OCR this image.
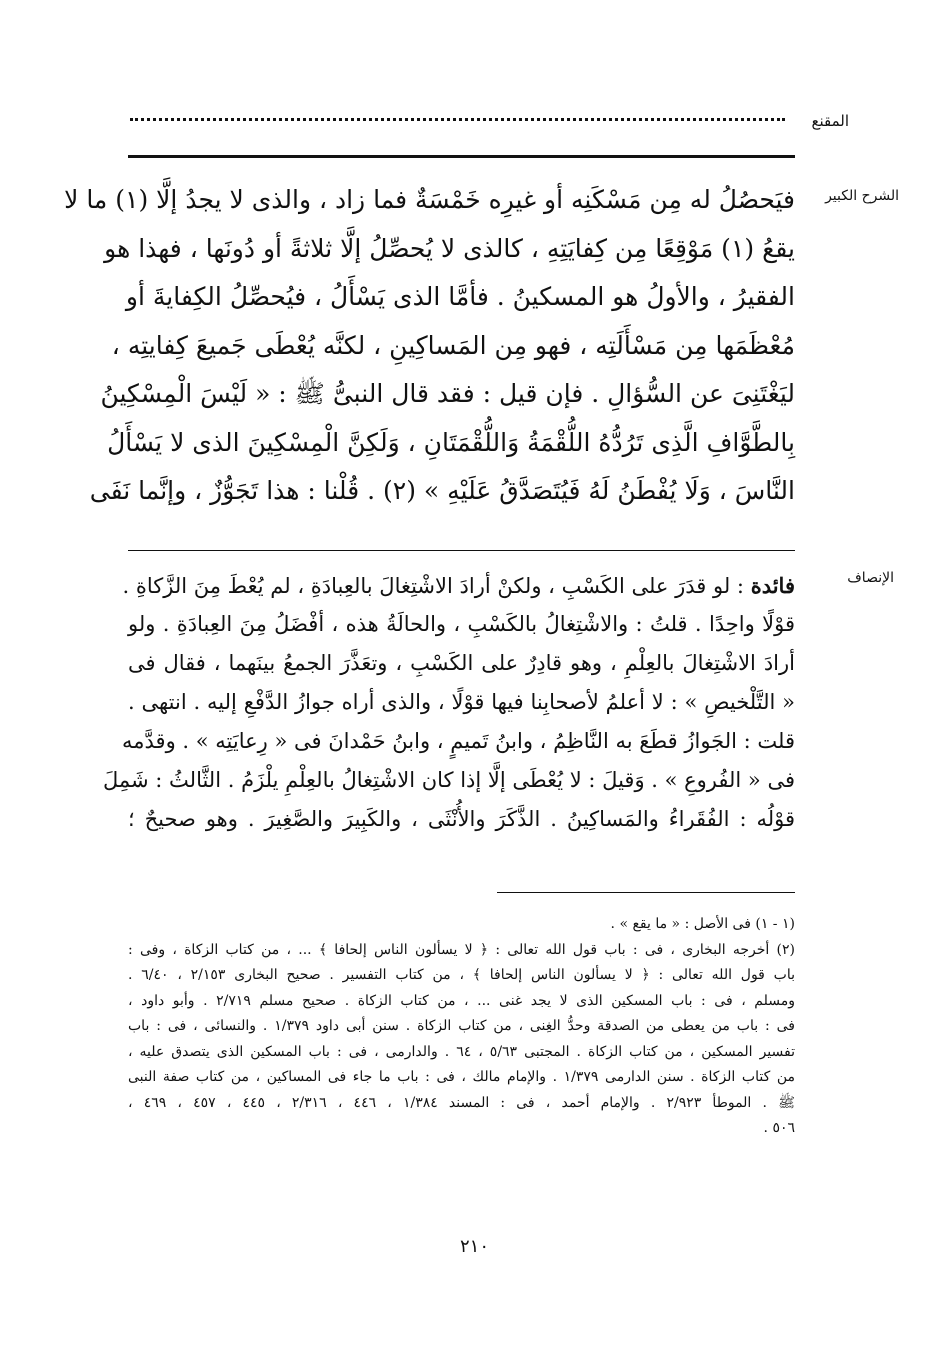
المقنع
الشرح الكبير
فيَحصُلُ له مِن مَسْكَنِه أو غيرِه خَمْسَةٌ فما زاد ، والذى لا يجدُ إلَّا (١) ما لا
يقعُ (١) مَوْقِعًا مِن كِفايَتِهِ ، كالذى لا يُحصِّلُ إلَّا ثلاثةً أو دُونَها ، فهذا هو
الفقيرُ ، والأولُ هو المسكينُ . فأمَّا الذى يَسْأَلُ ، فيُحصِّلُ الكِفايةَ أو
مُعْظَمَها مِن مَسْأَلَتِه ، فهو مِن المَساكِينِ ، لكنَّه يُعْطَى جَميعَ كِفايتِه ،
ليَغْتَنِىَ عن السُّؤالِ . فإن قيل : فقد قال النبىُّ ﷺ : « لَيْسَ الْمِسْكِينُ
بِالطَّوَّافِ الَّذِى تَرُدُّهُ اللُّقْمَةُ وَاللُّقْمَتَانِ ، وَلَكِنَّ الْمِسْكِينَ الذى لا يَسْأَلُ
النَّاسَ ، وَلَا يُفْطَنُ لَهُ فَيُتَصَدَّقُ عَلَيْهِ » (٢) . قُلْنا : هذا تَجَوُّزٌ ، وإنَّما نَفَى
الإنصاف
فائدة : لو قدَرَ على الكَسْبِ ، ولكنْ أرادَ الاشْتِغالَ بالعِبادَةِ ، لم يُعْطَ مِنَ الزَّكاةِ .
قوْلًا واحِدًا . قلتُ : والاشْتِغالُ بالكَسْبِ ، والحالَةُ هذه ، أفْضَلُ مِنَ العِبادَةِ . ولو
أرادَ الاشْتِغالَ بالعِلْمِ ، وهو قادِرٌ على الكَسْبِ ، وتعَذَّرَ الجمعُ بينَهما ، فقال فى
« التَّلْخيصِ » : لا أعلمُ لأصحابِنا فيها قوْلًا ، والذى أراه جوازُ الدَّفْعِ إليه . انتهى .
قلت : الجَوازُ قطَعَ به النَّاظِمُ ، وابنُ تَميمٍ ، وابنُ حَمْدانَ فى « رِعايَتِه » . وقدَّمه
فى « الفُروعِ » . وَقيلَ : لا يُعْطَى إلَّا إذا كان الاشْتِغالُ بالعِلْمِ يلْزَمُ . الثَّالثُ : شَمِلَ
قوْلُه : الفُقَراءُ والمَساكِينُ . الذَّكَرَ والأُنْثَى ، والكَبِيرَ والصَّغِيرَ . وهو صحيحٌ ؛
(١ - ١) فى الأصل : « ما يقع » .
(٢) أخرجه البخارى ، فى : باب قول الله تعالى : ﴿ لا يسألون الناس إلحافا ﴾ ... ، من كتاب الزكاة ، وفى :
باب قول الله تعالى : ﴿ لا يسألون الناس إلحافا ﴾ ، من كتاب التفسير . صحيح البخارى ٢/١٥٣ ، ٦/٤٠ .
ومسلم ، فى : باب المسكين الذى لا يجد غنى ... ، من كتاب الزكاة . صحيح مسلم ٢/٧١٩ . وأبو داود ،
فى : باب من يعطى من الصدقة وحدُّ الغِنى ، من كتاب الزكاة . سنن أبى داود ١/٣٧٩ . والنسائى ، فى : باب
تفسير المسكين ، من كتاب الزكاة . المجتبى ٥/٦٣ ، ٦٤ . والدارمى ، فى : باب المسكين الذى يتصدق عليه ،
من كتاب الزكاة . سنن الدارمى ١/٣٧٩ . والإمام مالك ، فى : باب ما جاء فى المساكين ، من كتاب صفة النبى
ﷺ . الموطأ ٢/٩٢٣ . والإمام أحمد ، فى : المسند ١/٣٨٤ ، ٤٤٦ ، ٢/٣١٦ ، ٤٤٥ ، ٤٥٧ ، ٤٦٩ ،
٥٠٦ .
٢١٠
